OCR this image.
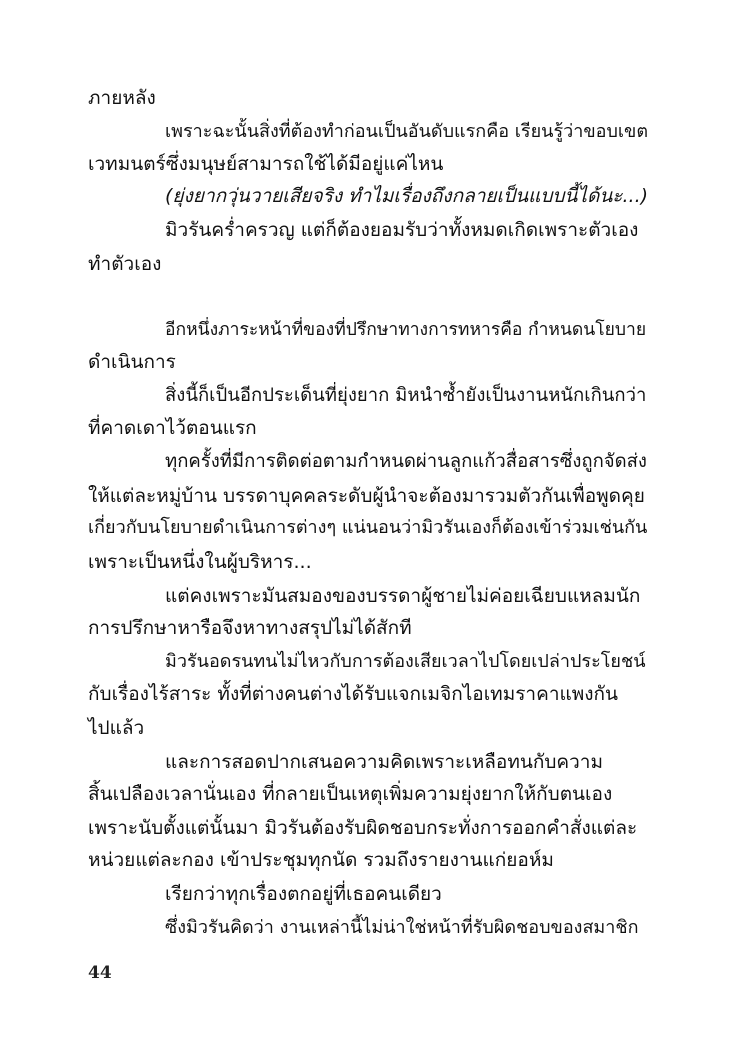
ภายหลัง
เพราะฉะนั้นสิ่งที่ต้องทำก่อนเป็นอันดับแรกคือ เรียนรู้ว่าขอบเขต
เวทมนตร์ซึ่งมนุษย์สามารถใช้ได้มีอยู่แค่ไหน
(ยุ่งยากวุ่นวายเสียจริง ทำไมเรื่องถึงกลายเป็นแบบนี้ได้นะ...)
มิวรันคร่ำครวญ แต่ก็ต้องยอมรับว่าทั้งหมดเกิดเพราะตัวเอง
ทำตัวเอง
อีกหนึ่งภาระหน้าที่ของที่ปรึกษาทางการทหารคือ กำหนดนโยบาย
ดำเนินการ
สิ่งนี้ก็เป็นอีกประเด็นที่ยุ่งยาก มิหนำซ้ำยังเป็นงานหนักเกินกว่า
ที่คาดเดาไว้ตอนแรก
ทุกครั้งที่มีการติดต่อตามกำหนดผ่านลูกแก้วสื่อสารซึ่งถูกจัดส่ง
ให้แต่ละหมู่บ้าน บรรดาบุคคลระดับผู้นำจะต้องมารวมตัวกันเพื่อพูดคุย
เกี่ยวกับนโยบายดำเนินการต่างๆ แน่นอนว่ามิวรันเองก็ต้องเข้าร่วมเช่นกัน
เพราะเป็นหนึ่งในผู้บริหาร...
แต่คงเพราะมันสมองของบรรดาผู้ชายไม่ค่อยเฉียบแหลมนัก
การปรึกษาหารือจึงหาทางสรุปไม่ได้สักที
มิวรันอดรนทนไม่ไหวกับการต้องเสียเวลาไปโดยเปล่าประโยชน์
กับเรื่องไร้สาระ ทั้งที่ต่างคนต่างได้รับแจกเมจิกไอเทมราคาแพงกัน
ไปแล้ว
และการสอดปากเสนอความคิดเพราะเหลือทนกับความ
สิ้นเปลืองเวลานั่นเอง ที่กลายเป็นเหตุเพิ่มความยุ่งยากให้กับตนเอง
เพราะนับตั้งแต่นั้นมา มิวรันต้องรับผิดชอบกระทั่งการออกคำสั่งแต่ละ
หน่วยแต่ละกอง เข้าประชุมทุกนัด รวมถึงรายงานแก่ยอห์ม
เรียกว่าทุกเรื่องตกอยู่ที่เธอคนเดียว
ซึ่งมิวรันคิดว่า งานเหล่านี้ไม่น่าใช่หน้าที่รับผิดชอบของสมาชิก
44
